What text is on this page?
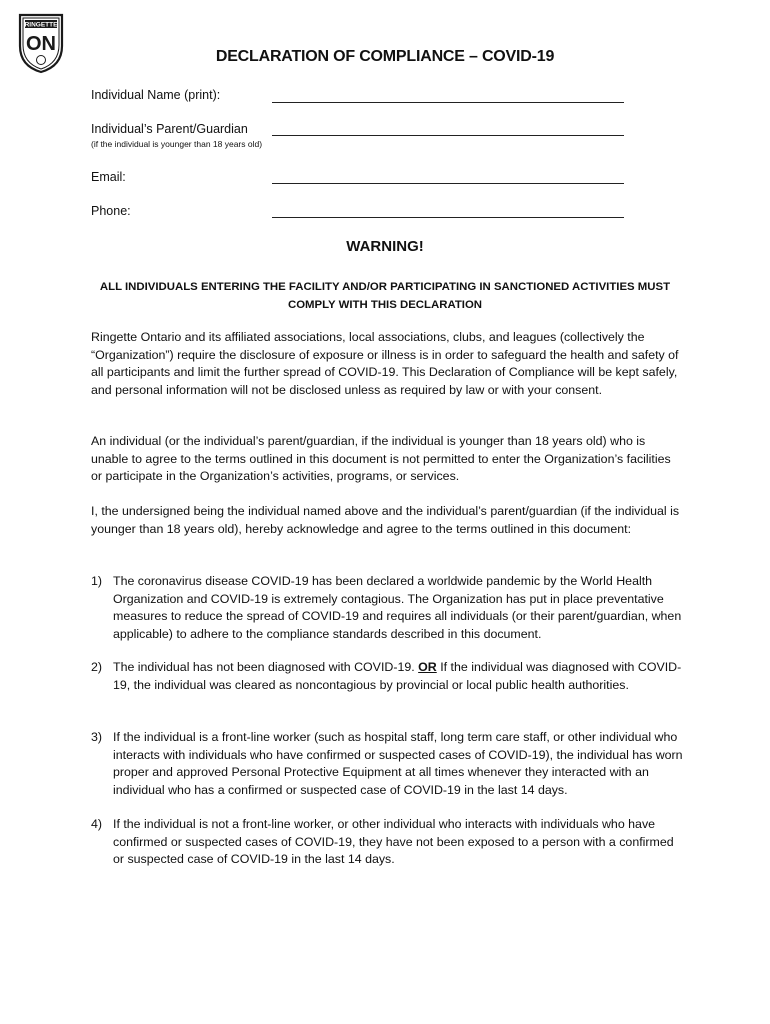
RINGETTE
ON
DECLARATION OF COMPLIANCE – COVID-19
Individual Name (print):
Individual’s Parent/Guardian
(if the individual is younger than 18 years old)
Email:
Phone:
WARNING!
ALL INDIVIDUALS ENTERING THE FACILITY AND/OR PARTICIPATING IN SANCTIONED ACTIVITIES MUST COMPLY WITH THIS DECLARATION

Ringette Ontario and its affiliated associations, local associations, clubs, and leagues (collectively the “Organization”) require the disclosure of exposure or illness is in order to safeguard the health and safety of all participants and limit the further spread of COVID-19. This Declaration of Compliance will be kept safely, and personal information will not be disclosed unless as required by law or with your consent.

An individual (or the individual’s parent/guardian, if the individual is younger than 18 years old) who is unable to agree to the terms outlined in this document is not permitted to enter the Organization’s facilities or participate in the Organization’s activities, programs, or services.

I, the undersigned being the individual named above and the individual’s parent/guardian (if the individual is younger than 18 years old), hereby acknowledge and agree to the terms outlined in this document:

1) The coronavirus disease COVID-19 has been declared a worldwide pandemic by the World Health Organization and COVID-19 is extremely contagious. The Organization has put in place preventative measures to reduce the spread of COVID-19 and requires all individuals (or their parent/guardian, when applicable) to adhere to the compliance standards described in this document.
2) The individual has not been diagnosed with COVID-19. OR If the individual was diagnosed with COVID-19, the individual was cleared as noncontagious by provincial or local public health authorities.
3) If the individual is a front-line worker (such as hospital staff, long term care staff, or other individual who interacts with individuals who have confirmed or suspected cases of COVID-19), the individual has worn proper and approved Personal Protective Equipment at all times whenever they interacted with an individual who has a confirmed or suspected case of COVID-19 in the last 14 days.
4) If the individual is not a front-line worker, or other individual who interacts with individuals who have confirmed or suspected cases of COVID-19, they have not been exposed to a person with a confirmed or suspected case of COVID-19 in the last 14 days.
